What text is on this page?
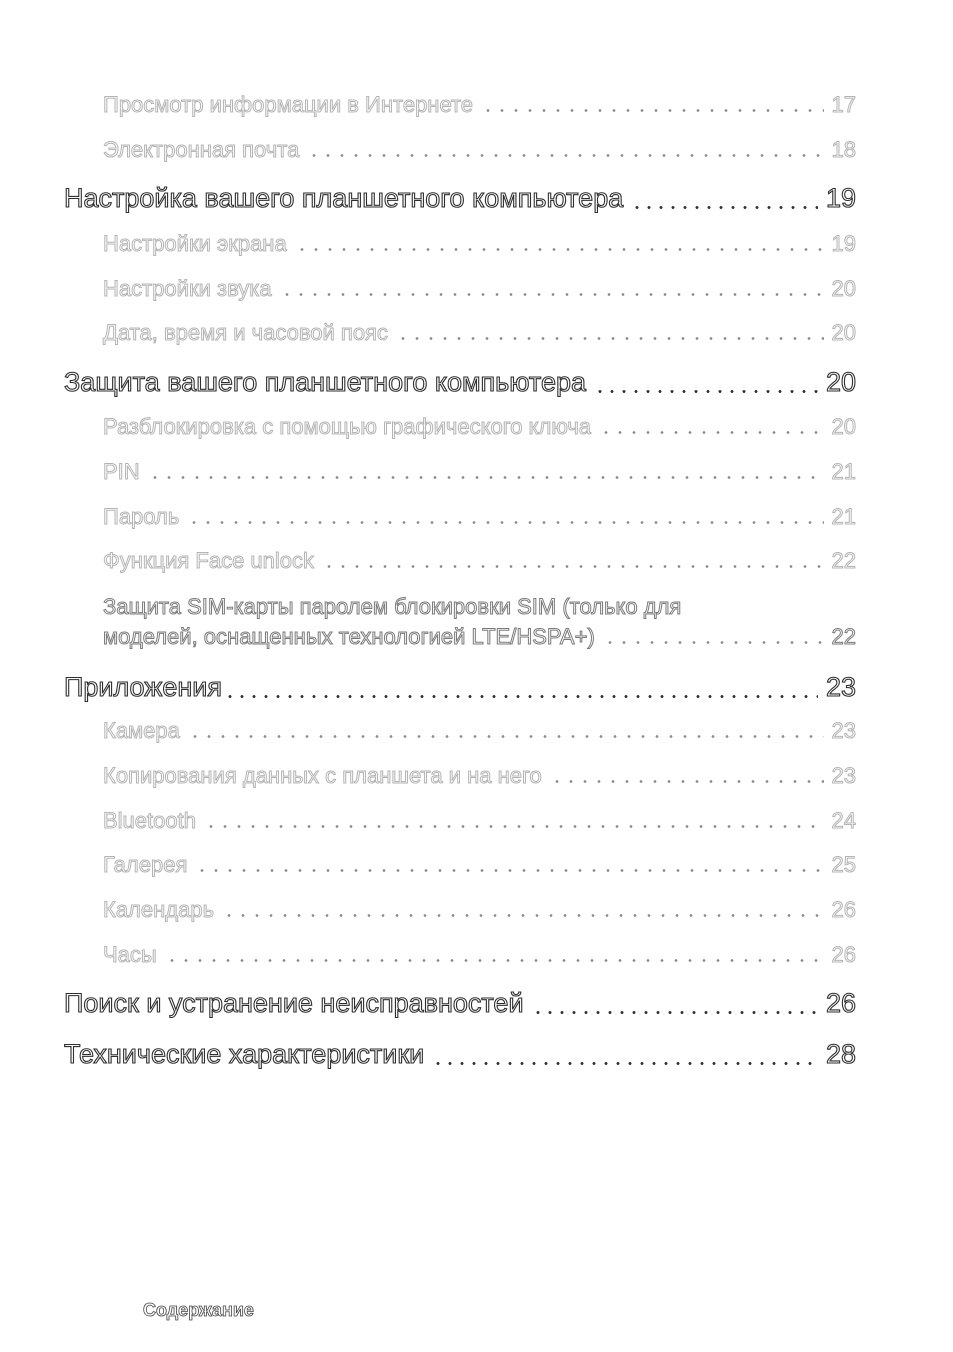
Просмотр информации в Интернете	17
Электронная почта	18
Настройка вашего планшетного компьютера	19
Настройки экрана	19
Настройки звука	20
Дата, время и часовой пояс	20
Защита вашего планшетного компьютера	20
Разблокировка с помощью графического ключа	20
PIN	21
Пароль	21
Функция Face unlock	22
Защита SIM-карты паролем блокировки SIM (только для
моделей, оснащенных технологией LTE/HSPA+)	22
Приложения	23
Камера	23
Копирования данных с планшета и на него	23
Bluetooth	24
Галерея	25
Календарь	26
Часы	26
Поиск и устранение неисправностей	26
Технические характеристики	28
Содержание
